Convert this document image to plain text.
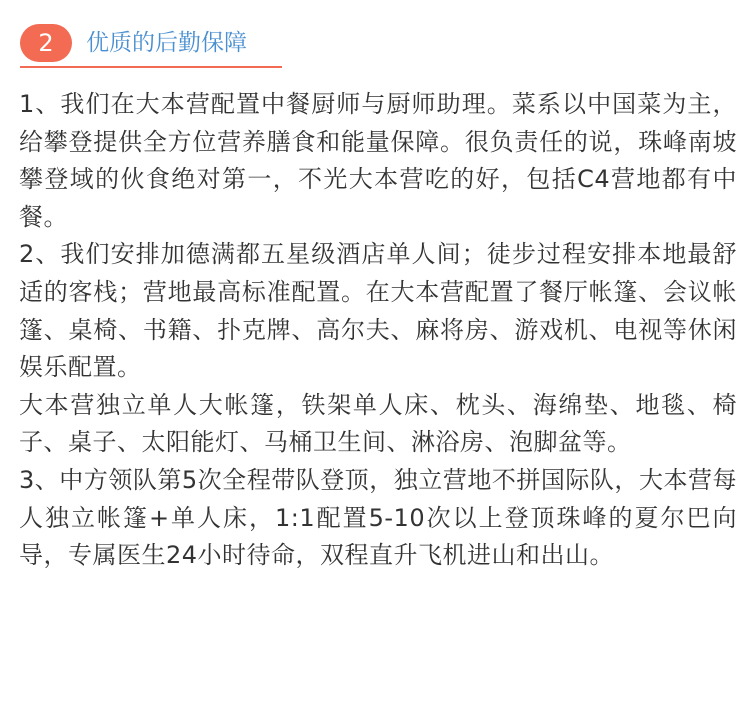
2	优质的后勤保障

1、我们在大本营配置中餐厨师与厨师助理。菜系以中国菜为主，给攀登提供全方位营养膳食和能量保障。很负责任的说，珠峰南坡攀登域的伙食绝对第一，不光大本营吃的好，包括C4营地都有中餐。

2、我们安排加德满都五星级酒店单人间；徒步过程安排本地最舒适的客栈；营地最高标准配置。在大本营配置了餐厅帐篷、会议帐篷、桌椅、书籍、扑克牌、高尔夫、麻将房、游戏机、电视等休闲娱乐配置。

大本营独立单人大帐篷，铁架单人床、枕头、海绵垫、地毯、椅子、桌子、太阳能灯、马桶卫生间、淋浴房、泡脚盆等。

3、中方领队第5次全程带队登顶，独立营地不拼国际队，大本营每人独立帐篷+单人床，1:1配置5-10次以上登顶珠峰的夏尔巴向导，专属医生24小时待命，双程直升飞机进山和出山。
